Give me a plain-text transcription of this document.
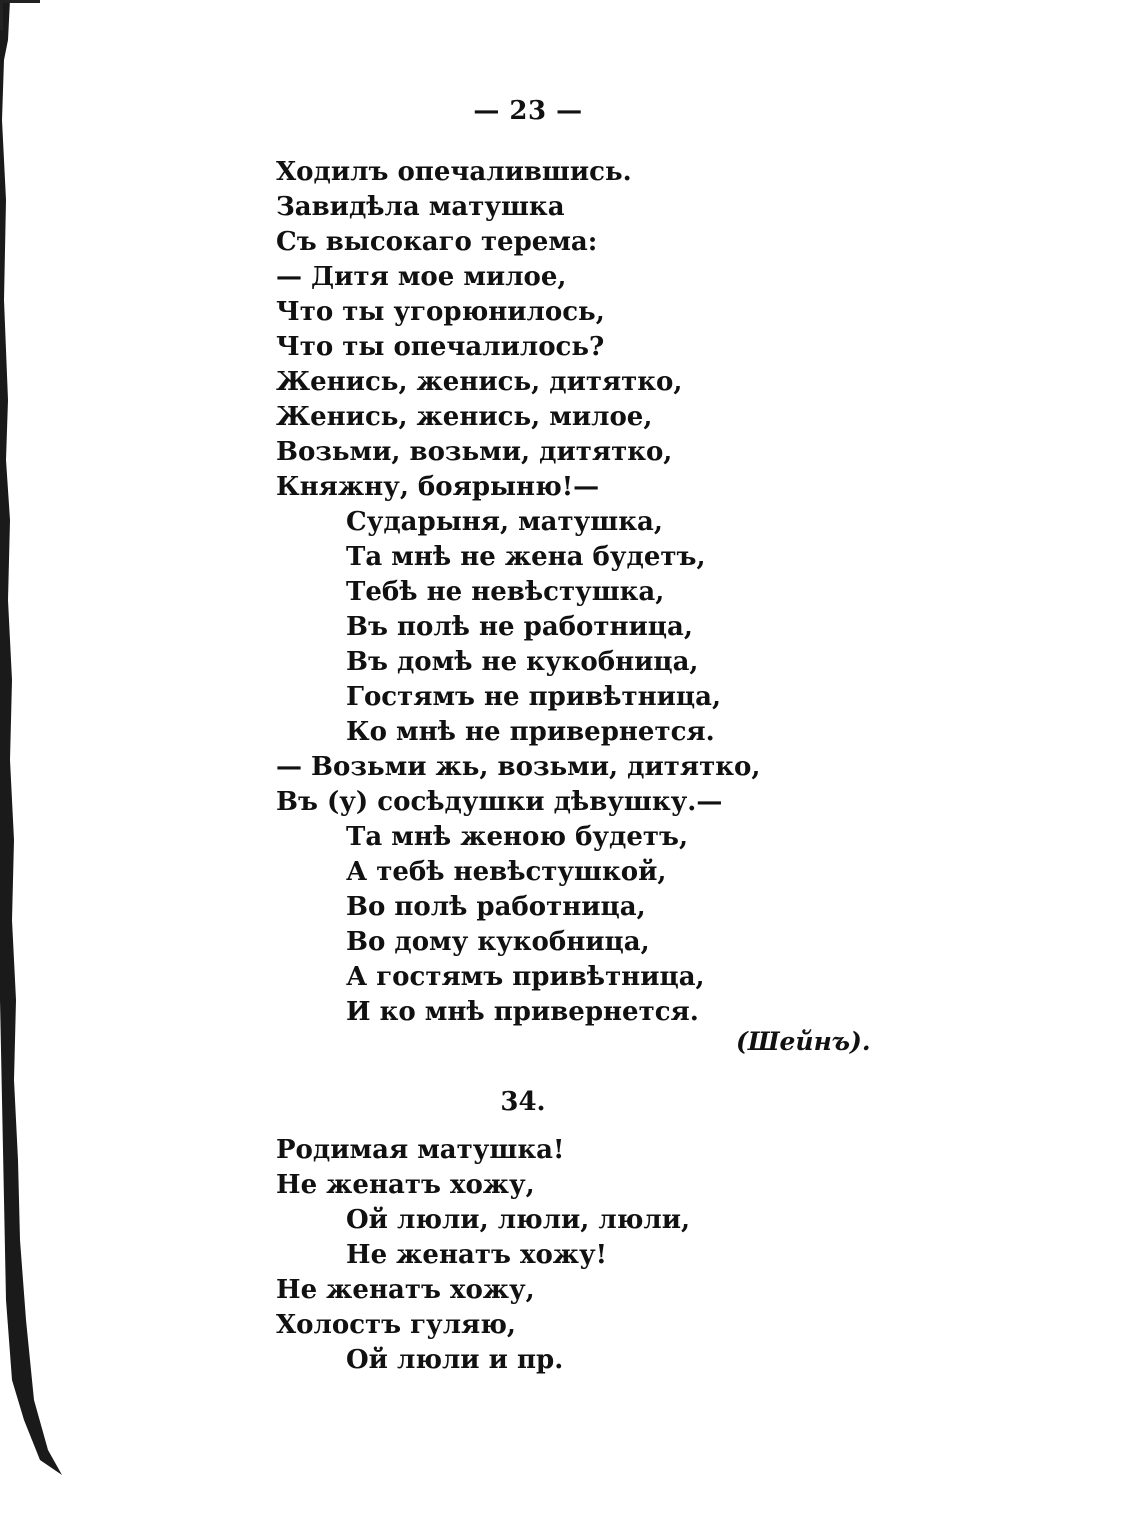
— 23 —
Ходилъ опечалившись.
Завидѣла матушка
Съ высокаго терема:
— Дитя мое милое,
Что ты угорюнилось,
Что ты опечалилось?
Женись, женись, дитятко,
Женись, женись, милое,
Возьми, возьми, дитятко,
Княжну, боярыню!—
Сударыня, матушка,
Та мнѣ не жена будетъ,
Тебѣ не невѣстушка,
Въ полѣ не работница,
Въ домѣ не кукобница,
Гостямъ не привѣтница,
Ко мнѣ не привернется.
— Возьми жь, возьми, дитятко,
Въ (у) сосѣдушки дѣвушку.—
Та мнѣ женою будетъ,
А тебѣ невѣстушкой,
Во полѣ работница,
Во дому кукобница,
А гостямъ привѣтница,
И ко мнѣ привернется.
(Шейнъ).
34.
Родимая матушка!
Не женатъ хожу,
Ой люли, люли, люли,
Не женатъ хожу!
Не женатъ хожу,
Холостъ гуляю,
Ой люли и пр.
